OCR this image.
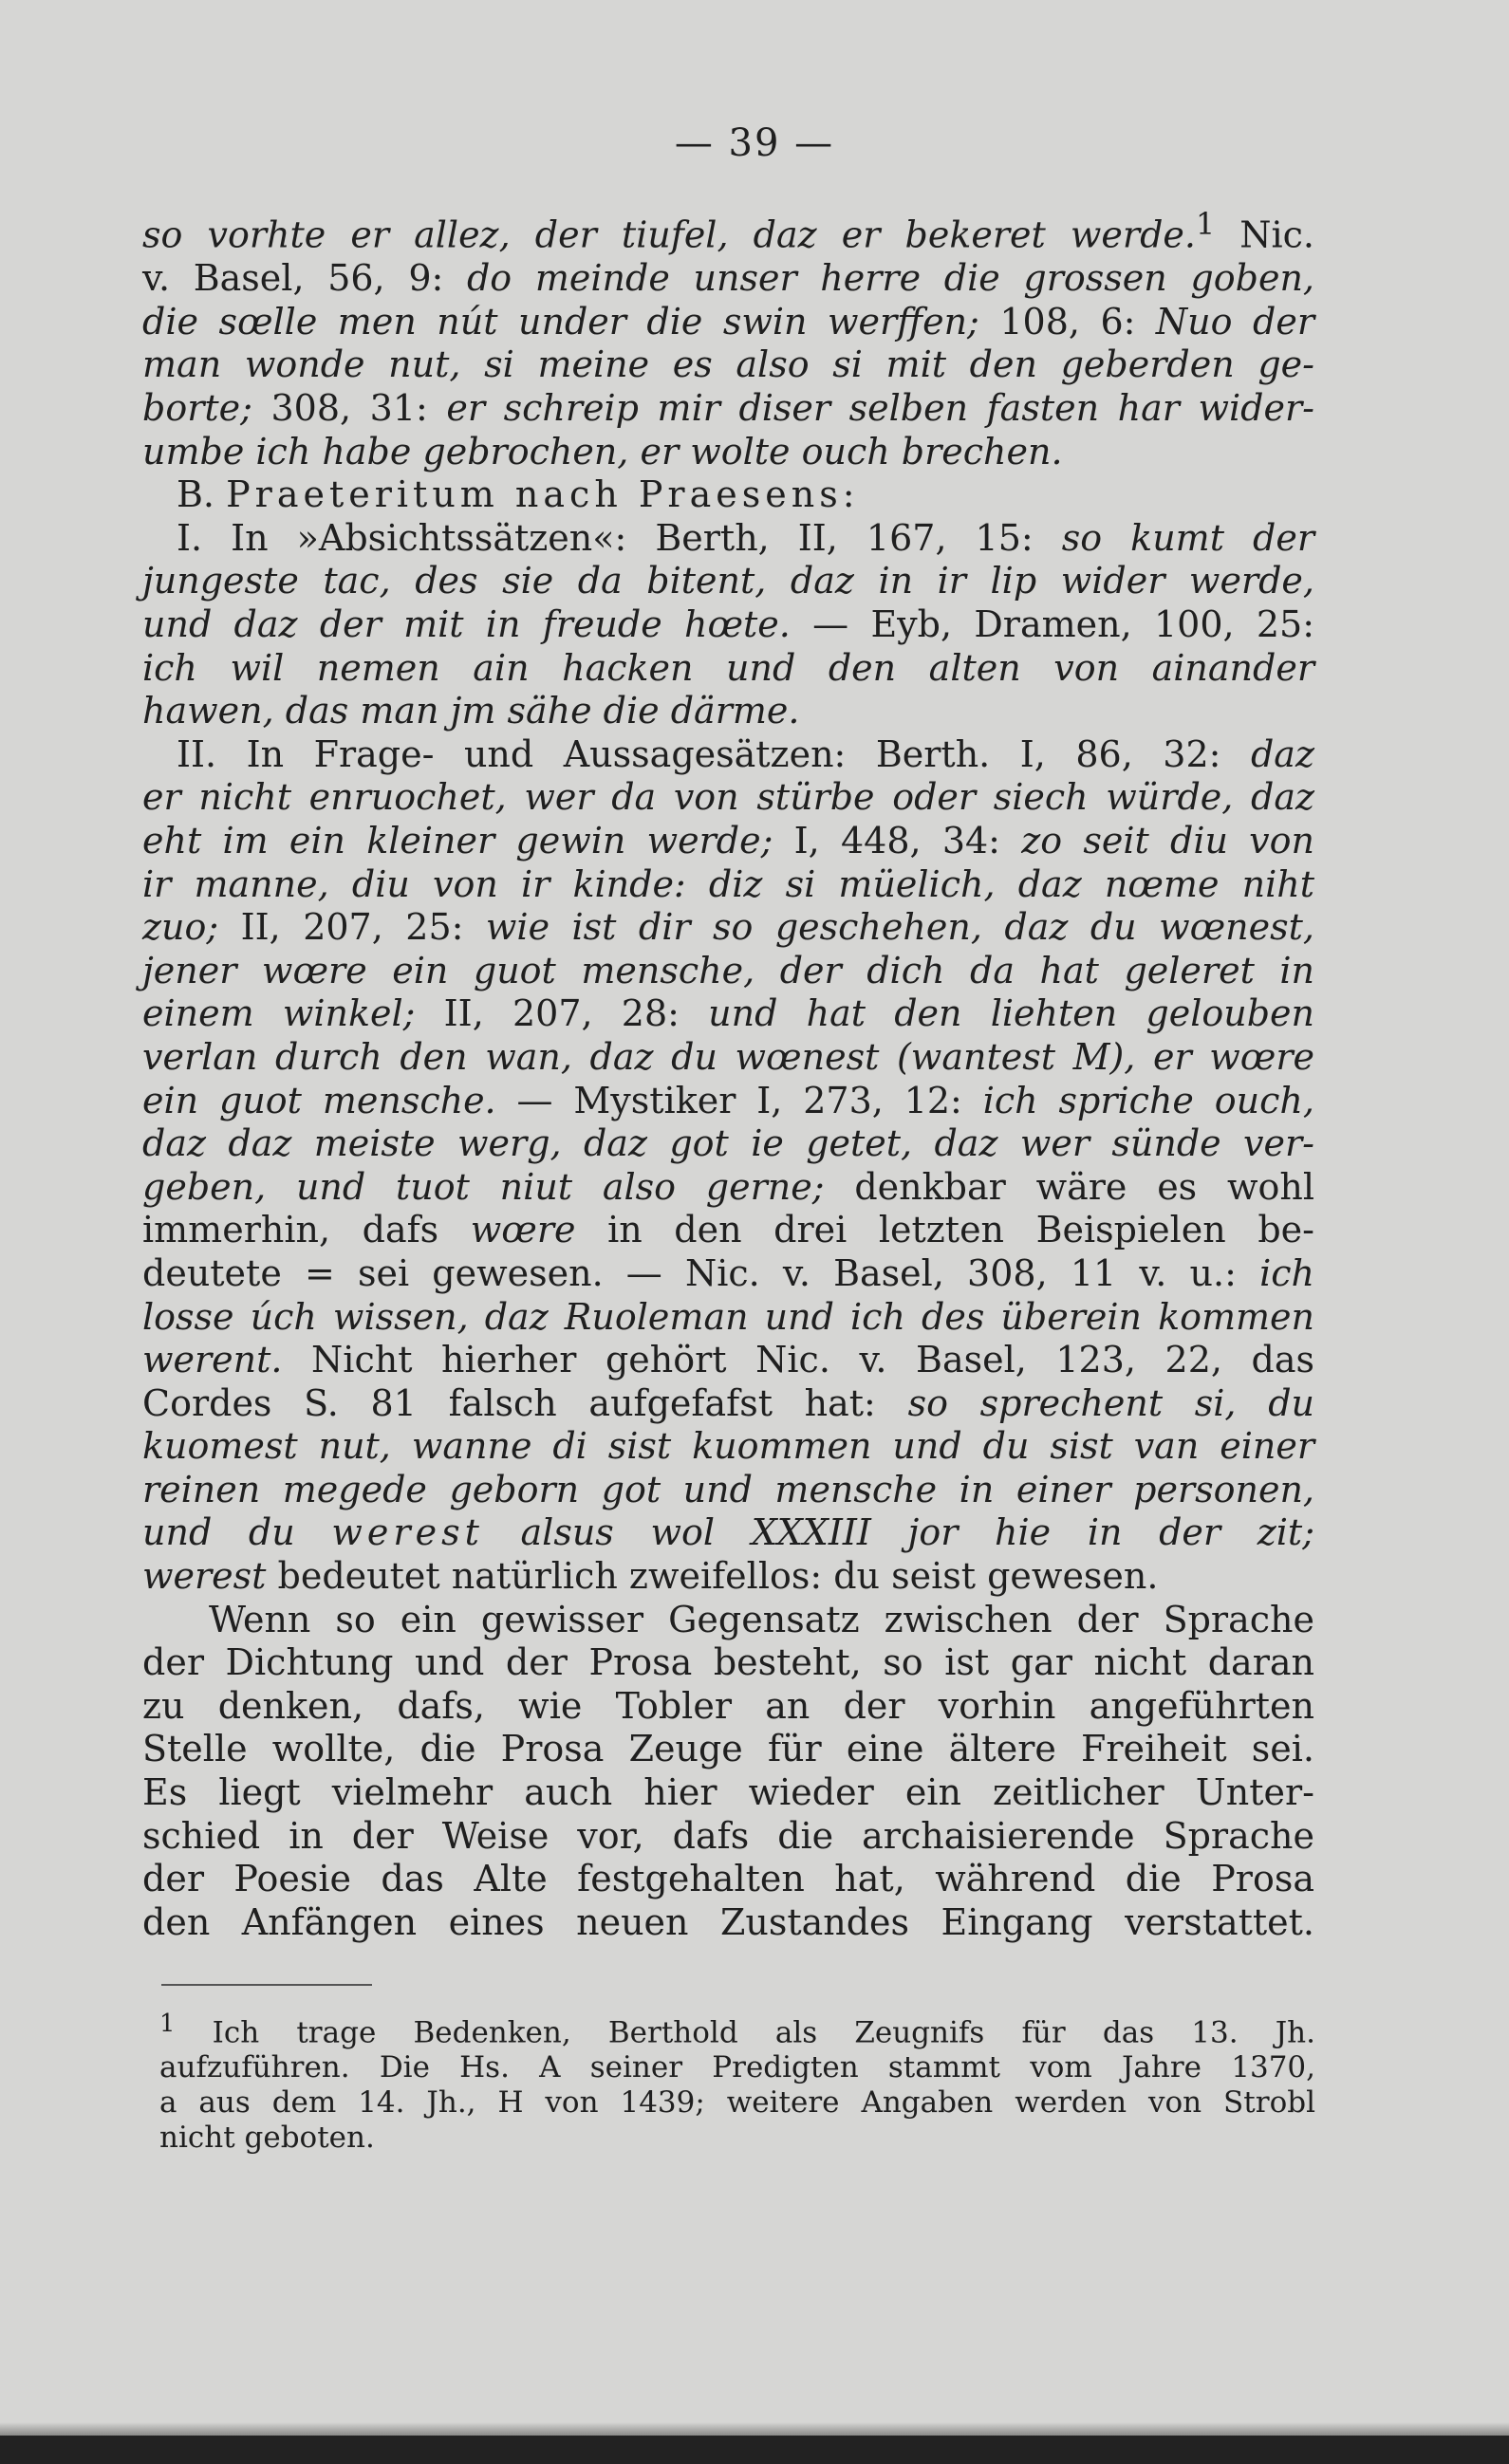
— 39 —
so vorhte er allez, der tiufel, daz er bekeret werde.$^1$ Nic.
v. Basel, 56, 9: do meinde unser herre die grossen goben,
die sœlle men nút under die swin werffen; 108, 6: Nuo der
man wonde nut, si meine es also si mit den geberden ge-
borte; 308, 31: er schreip mir diser selben fasten har wider-
umbe ich habe gebrochen, er wolte ouch brechen.
B. Praeteritum nach Praesens:
I. In »Absichtssätzen«: Berth, II, 167, 15: so kumt der
jungeste tac, des sie da bitent, daz in ir lip wider werde,
und daz der mit in freude hœte. — Eyb, Dramen, 100, 25:
ich wil nemen ain hacken und den alten von ainander
hawen, das man jm sähe die därme.
II. In Frage- und Aussagesätzen: Berth. I, 86, 32: daz
er nicht enruochet, wer da von stürbe oder siech würde, daz
eht im ein kleiner gewin werde; I, 448, 34: zo seit diu von
ir manne, diu von ir kinde: diz si müelich, daz nœme niht
zuo; II, 207, 25: wie ist dir so geschehen, daz du wœnest,
jener wœre ein guot mensche, der dich da hat geleret in
einem winkel; II, 207, 28: und hat den liehten gelouben
verlan durch den wan, daz du wœnest (wantest M), er wœre
ein guot mensche. — Mystiker I, 273, 12: ich spriche ouch,
daz daz meiste werg, daz got ie getet, daz wer sünde ver-
geben, und tuot niut also gerne; denkbar wäre es wohl
immerhin, dafs wœre in den drei letzten Beispielen be-
deutete = sei gewesen. — Nic. v. Basel, 308, 11 v. u.: ich
losse úch wissen, daz Ruoleman und ich des überein kommen
werent. Nicht hierher gehört Nic. v. Basel, 123, 22, das
Cordes S. 81 falsch aufgefafst hat: so sprechent si, du
kuomest nut, wanne di sist kuommen und du sist van einer
reinen megede geborn got und mensche in einer personen,
und du werest alsus wol XXXIII jor hie in der zit;
werest bedeutet natürlich zweifellos: du seist gewesen.
Wenn so ein gewisser Gegensatz zwischen der Sprache
der Dichtung und der Prosa besteht, so ist gar nicht daran
zu denken, dafs, wie Tobler an der vorhin angeführten
Stelle wollte, die Prosa Zeuge für eine ältere Freiheit sei.
Es liegt vielmehr auch hier wieder ein zeitlicher Unter-
schied in der Weise vor, dafs die archaisierende Sprache
der Poesie das Alte festgehalten hat, während die Prosa
den Anfängen eines neuen Zustandes Eingang verstattet.
$^1$ Ich trage Bedenken, Berthold als Zeugnifs für das 13. Jh.
aufzuführen. Die Hs. A seiner Predigten stammt vom Jahre 1370,
a aus dem 14. Jh., H von 1439; weitere Angaben werden von Strobl
nicht geboten.
